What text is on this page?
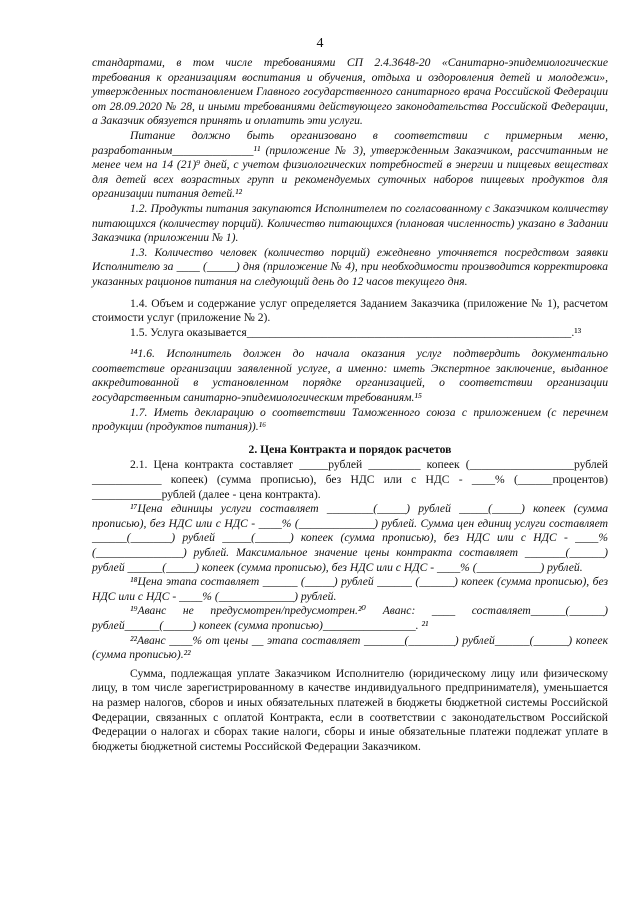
4

стандартами, в том числе требованиями СП 2.4.3648-20 «Санитарно-эпидемиологические требования к организациям воспитания и обучения, отдыха и оздоровления детей и молодежи», утвержденных постановлением Главного государственного санитарного врача Российской Федерации от 28.09.2020 № 28, и иными требованиями действующего законодательства Российской Федерации, а Заказчик обязуется принять и оплатить эти услуги.

Питание должно быть организовано в соответствии с примерным меню, разработанным______________¹¹ (приложение № 3), утвержденным Заказчиком, рассчитанным не менее чем на 14 (21)⁹ дней, с учетом физиологических потребностей в энергии и пищевых веществах для детей всех возрастных групп и рекомендуемых суточных наборов пищевых продуктов для организации питания детей.¹²

1.2. Продукты питания закупаются Исполнителем по согласованному с Заказчиком количеству питающихся (количеству порций). Количество питающихся (плановая численность) указано в Задании Заказчика (приложении № 1).

1.3. Количество человек (количество порций) ежедневно уточняется посредством заявки Исполнителю за ____ (_____) дня (приложение № 4), при необходимости производится корректировка указанных рационов питания на следующий день до 12 часов текущего дня.

1.4. Объем и содержание услуг определяется Заданием Заказчика (приложение № 1), расчетом стоимости услуг (приложение № 2).

1.5. Услуга оказывается________________________________________________________.¹³

¹⁴1.6. Исполнитель должен до начала оказания услуг подтвердить документально соответствие организации заявленной услуге, а именно: иметь Экспертное заключение, выданное аккредитованной в установленном порядке организацией, о соответствии организации государственным санитарно-эпидемиологическим требованиям.¹⁵

1.7. Иметь декларацию о соответствии Таможенного союза с приложением (с перечнем продукции (продуктов питания)).¹⁶

2. Цена Контракта и порядок расчетов

2.1. Цена контракта составляет _____рублей _________ копеек (__________________рублей ____________ копеек) (сумма прописью), без НДС или с НДС - ____% (______процентов) ____________рублей (далее - цена контракта).

¹⁷Цена единицы услуги составляет ________(_____) рублей _____(_____) копеек (сумма прописью), без НДС или с НДС - ____% (_____________) рублей. Сумма цен единиц услуги составляет ______(_______) рублей _____(______) копеек (сумма прописью), без НДС или с НДС - ____% (_______________) рублей. Максимальное значение цены контракта составляет _______(______) рублей ______(_____) копеек (сумма прописью), без НДС или с НДС - ____% (___________) рублей.

¹⁸Цена этапа составляет ______ (_____) рублей ______ (______) копеек (сумма прописью), без НДС или с НДС - ____% (_____________) рублей.

¹⁹Аванс не предусмотрен/предусмотрен.²⁰ Аванс: ____ составляет______(______) рублей______(_____) копеек (сумма прописью)________________. ²¹

²²Аванс ____% от цены __ этапа составляет _______(________) рублей______(______) копеек (сумма прописью).²²

Сумма, подлежащая уплате Заказчиком Исполнителю (юридическому лицу или физическому лицу, в том числе зарегистрированному в качестве индивидуального предпринимателя), уменьшается на размер налогов, сборов и иных обязательных платежей в бюджеты бюджетной системы Российской Федерации, связанных с оплатой Контракта, если в соответствии с законодательством Российской Федерации о налогах и сборах такие налоги, сборы и иные обязательные платежи подлежат уплате в бюджеты бюджетной системы Российской Федерации Заказчиком.
